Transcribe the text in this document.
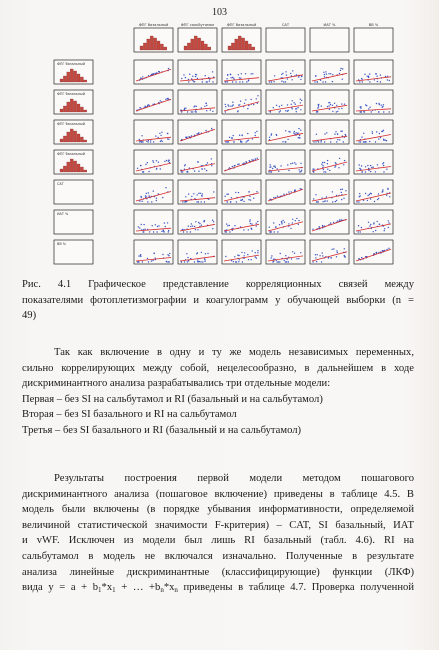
103
ФПГ базальный	ФПГ сальбутамол	ФПГ базальный	САТ	ИАТ %	ВВ %
ФПГ базальный
ФПГ базальный
ФПГ базальный
ФПГ базальный
САТ
ИАТ %
ВВ %

Рис. 4.1 Графическое представление корреляционных связей между
показателями фотоплетизмографии и коагулограмм у обучающей выборки (n =
49)

Так как включение в одну и ту же модель независимых переменных,
сильно коррелирующих между собой, нецелесообразно, в дальнейшем в ходе
дискриминантного анализа разрабатывались три отдельные модели:
Первая – без SI на сальбутамол и RI (базальный и на сальбутамол)
Вторая – без SI базального и RI на сальбутамол
Третья – без SI базального и RI (базальный и на сальбутамол)

Результаты построения первой модели методом пошагового
дискриминантного анализа (пошаговое включение) приведены в таблице 4.5. В
модель были включены (в порядке убывания информативности, определяемой
величиной статистической значимости F-критерия) – CAT, SI базальный, ИАТ
и vWF. Исключен из модели был лишь RI базальный (табл. 4.6). RI на
сальбутамол в модель не включался изначально. Полученные в результате
анализа линейные дискриминантные (классифицирующие) функции (ЛКФ)
вида $y = a + b_1*x_1$ + … $+b_n*x_n$ приведены в таблице 4.7. Проверка полученной
